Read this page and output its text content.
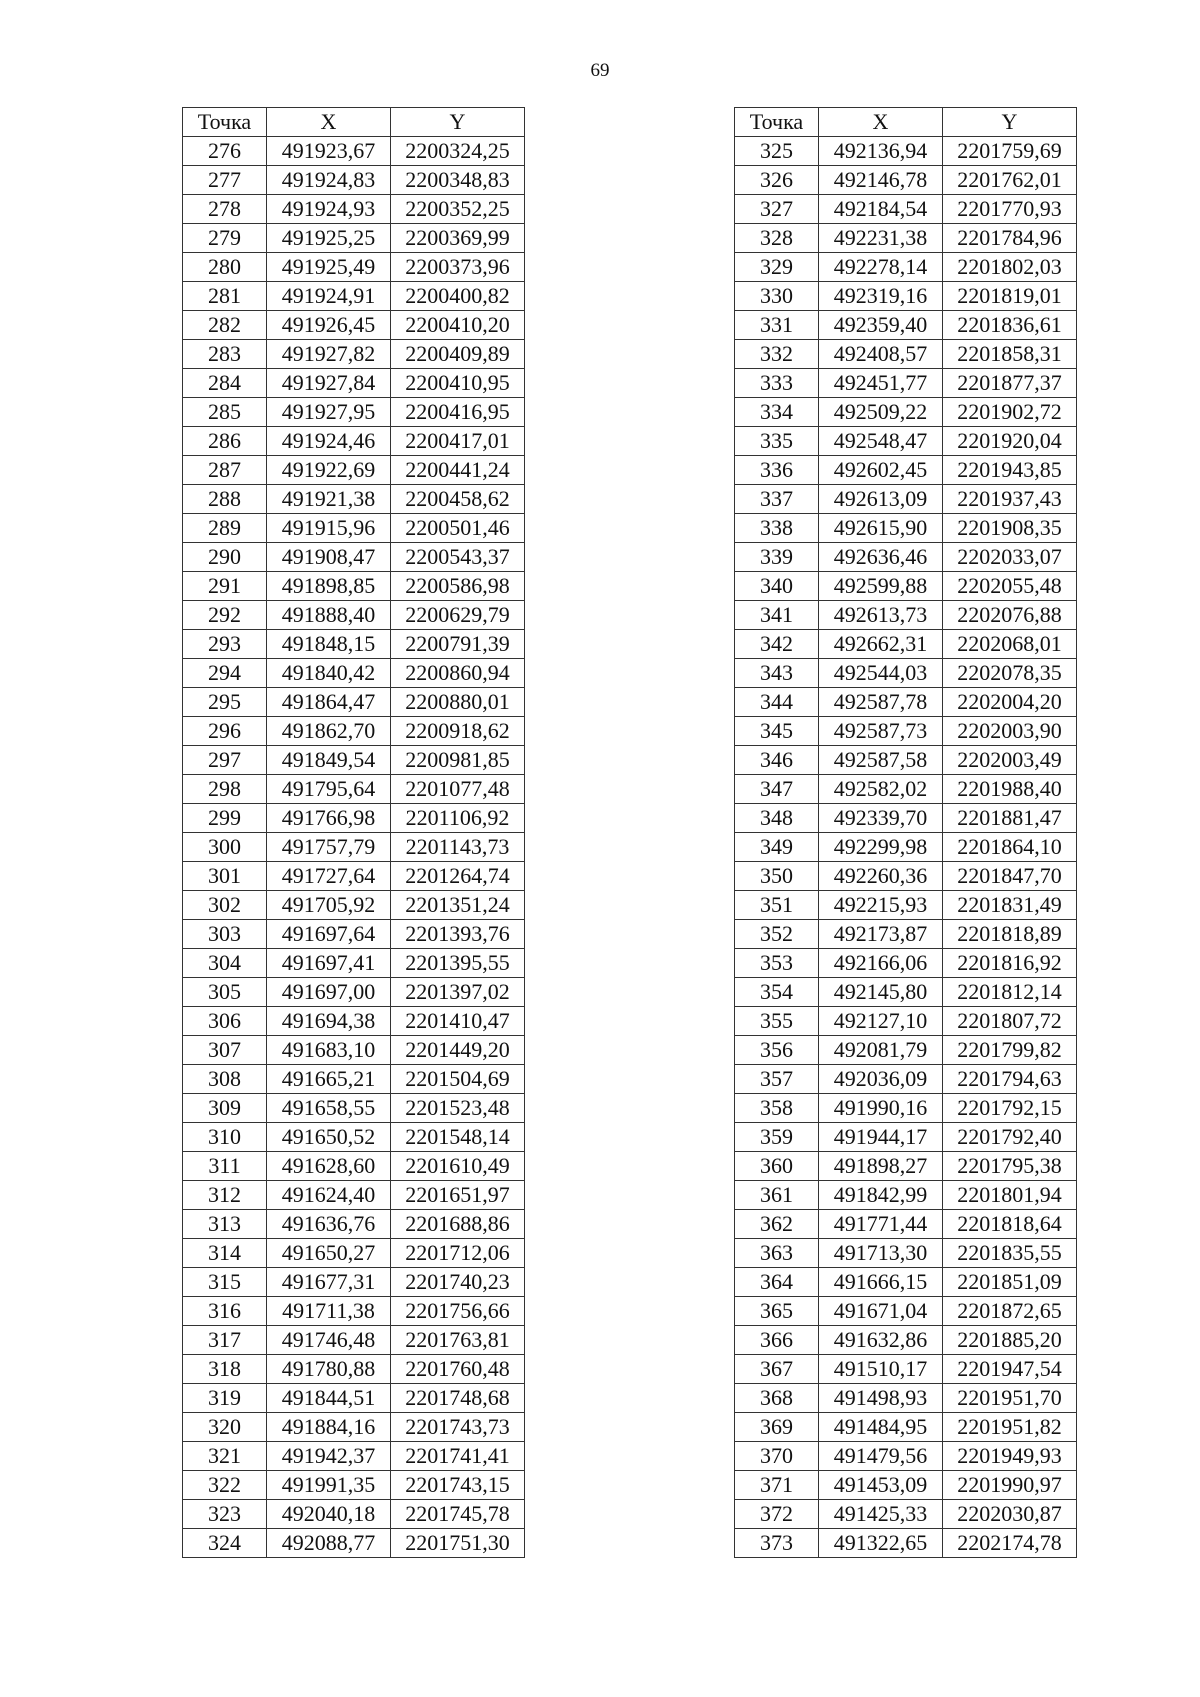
69
Точка	X	Y
276	491923,67	2200324,25
277	491924,83	2200348,83
278	491924,93	2200352,25
279	491925,25	2200369,99
280	491925,49	2200373,96
281	491924,91	2200400,82
282	491926,45	2200410,20
283	491927,82	2200409,89
284	491927,84	2200410,95
285	491927,95	2200416,95
286	491924,46	2200417,01
287	491922,69	2200441,24
288	491921,38	2200458,62
289	491915,96	2200501,46
290	491908,47	2200543,37
291	491898,85	2200586,98
292	491888,40	2200629,79
293	491848,15	2200791,39
294	491840,42	2200860,94
295	491864,47	2200880,01
296	491862,70	2200918,62
297	491849,54	2200981,85
298	491795,64	2201077,48
299	491766,98	2201106,92
300	491757,79	2201143,73
301	491727,64	2201264,74
302	491705,92	2201351,24
303	491697,64	2201393,76
304	491697,41	2201395,55
305	491697,00	2201397,02
306	491694,38	2201410,47
307	491683,10	2201449,20
308	491665,21	2201504,69
309	491658,55	2201523,48
310	491650,52	2201548,14
311	491628,60	2201610,49
312	491624,40	2201651,97
313	491636,76	2201688,86
314	491650,27	2201712,06
315	491677,31	2201740,23
316	491711,38	2201756,66
317	491746,48	2201763,81
318	491780,88	2201760,48
319	491844,51	2201748,68
320	491884,16	2201743,73
321	491942,37	2201741,41
322	491991,35	2201743,15
323	492040,18	2201745,78
324	492088,77	2201751,30
Точка	X	Y
325	492136,94	2201759,69
326	492146,78	2201762,01
327	492184,54	2201770,93
328	492231,38	2201784,96
329	492278,14	2201802,03
330	492319,16	2201819,01
331	492359,40	2201836,61
332	492408,57	2201858,31
333	492451,77	2201877,37
334	492509,22	2201902,72
335	492548,47	2201920,04
336	492602,45	2201943,85
337	492613,09	2201937,43
338	492615,90	2201908,35
339	492636,46	2202033,07
340	492599,88	2202055,48
341	492613,73	2202076,88
342	492662,31	2202068,01
343	492544,03	2202078,35
344	492587,78	2202004,20
345	492587,73	2202003,90
346	492587,58	2202003,49
347	492582,02	2201988,40
348	492339,70	2201881,47
349	492299,98	2201864,10
350	492260,36	2201847,70
351	492215,93	2201831,49
352	492173,87	2201818,89
353	492166,06	2201816,92
354	492145,80	2201812,14
355	492127,10	2201807,72
356	492081,79	2201799,82
357	492036,09	2201794,63
358	491990,16	2201792,15
359	491944,17	2201792,40
360	491898,27	2201795,38
361	491842,99	2201801,94
362	491771,44	2201818,64
363	491713,30	2201835,55
364	491666,15	2201851,09
365	491671,04	2201872,65
366	491632,86	2201885,20
367	491510,17	2201947,54
368	491498,93	2201951,70
369	491484,95	2201951,82
370	491479,56	2201949,93
371	491453,09	2201990,97
372	491425,33	2202030,87
373	491322,65	2202174,78
